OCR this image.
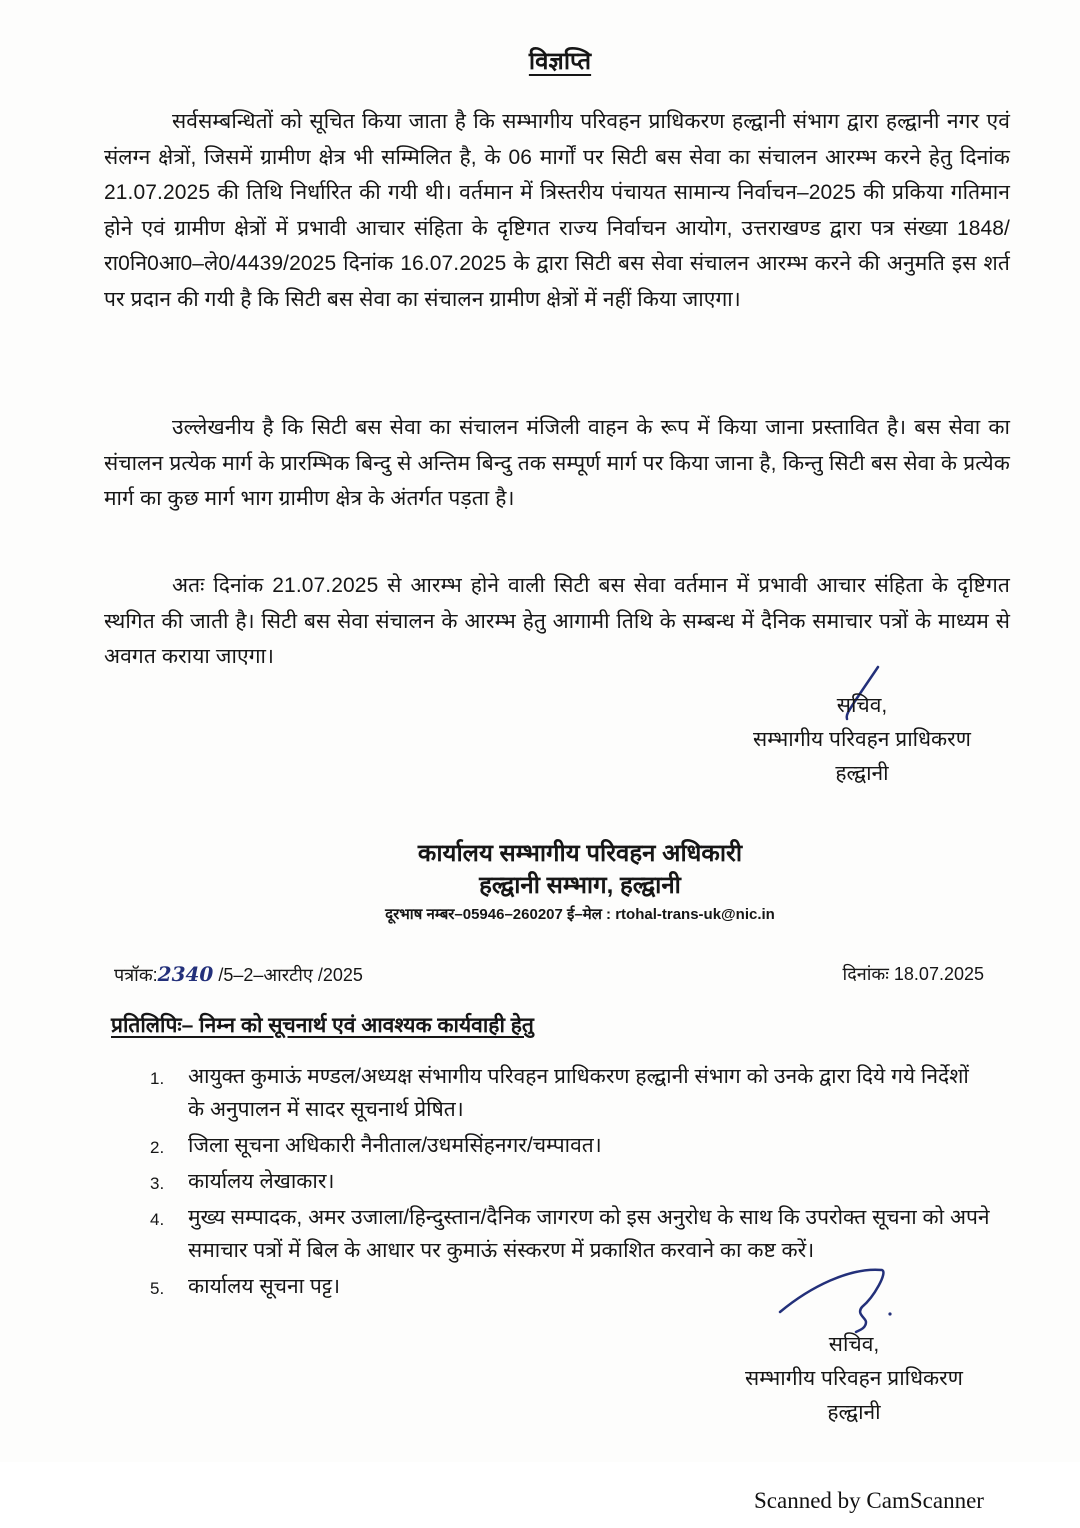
विज्ञप्ति
सर्वसम्बन्धितों को सूचित किया जाता है कि सम्भागीय परिवहन प्राधिकरण हल्द्वानी संभाग द्वारा हल्द्वानी नगर एवं संलग्न क्षेत्रों, जिसमें ग्रामीण क्षेत्र भी सम्मिलित है, के 06 मार्गों पर सिटी बस सेवा का संचालन आरम्भ करने हेतु दिनांक 21.07.2025 की तिथि निर्धारित की गयी थी। वर्तमान में त्रिस्तरीय पंचायत सामान्य निर्वाचन–2025 की प्रकिया गतिमान होने एवं ग्रामीण क्षेत्रों में प्रभावी आचार संहिता के दृष्टिगत राज्य निर्वाचन आयोग, उत्तराखण्ड द्वारा पत्र संख्या 1848/रा0नि0आ0–ले0/4439/2025 दिनांक 16.07.2025 के द्वारा सिटी बस सेवा संचालन आरम्भ करने की अनुमति इस शर्त पर प्रदान की गयी है कि सिटी बस सेवा का संचालन ग्रामीण क्षेत्रों में नहीं किया जाएगा।
उल्लेखनीय है कि सिटी बस सेवा का संचालन मंजिली वाहन के रूप में किया जाना प्रस्तावित है। बस सेवा का संचालन प्रत्येक मार्ग के प्रारम्भिक बिन्दु से अन्तिम बिन्दु तक सम्पूर्ण मार्ग पर किया जाना है, किन्तु सिटी बस सेवा के प्रत्येक मार्ग का कुछ मार्ग भाग ग्रामीण क्षेत्र के अंतर्गत पड़ता है।
अतः दिनांक 21.07.2025 से आरम्भ होने वाली सिटी बस सेवा वर्तमान में प्रभावी आचार संहिता के दृष्टिगत स्थगित की जाती है। सिटी बस सेवा संचालन के आरम्भ हेतु आगामी तिथि के सम्बन्ध में दैनिक समाचार पत्रों के माध्यम से अवगत कराया जाएगा।
सचिव,
सम्भागीय परिवहन प्राधिकरण
हल्द्वानी
कार्यालय सम्भागीय परिवहन अधिकारी
हल्द्वानी सम्भाग, हल्द्वानी
दूरभाष नम्बर–05946–260207 ई–मेल : rtohal-trans-uk@nic.in
पत्रॉक:2340 /5–2–आरटीए /2025	दिनांकः 18.07.2025
प्रतिलिपिः– निम्न को सूचनार्थ एवं आवश्यक कार्यवाही हेतु
1. आयुक्त कुमाऊं मण्डल/अध्यक्ष संभागीय परिवहन प्राधिकरण हल्द्वानी संभाग को उनके द्वारा दिये गये निर्देशों के अनुपालन में सादर सूचनार्थ प्रेषित।
2. जिला सूचना अधिकारी नैनीताल/उधमसिंहनगर/चम्पावत।
3. कार्यालय लेखाकार।
4. मुख्य सम्पादक, अमर उजाला/हिन्दुस्तान/दैनिक जागरण को इस अनुरोध के साथ कि उपरोक्त सूचना को अपने समाचार पत्रों में बिल के आधार पर कुमाऊं संस्करण में प्रकाशित करवाने का कष्ट करें।
5. कार्यालय सूचना पट्ट।
सचिव,
सम्भागीय परिवहन प्राधिकरण
हल्द्वानी
Scanned by CamScanner
